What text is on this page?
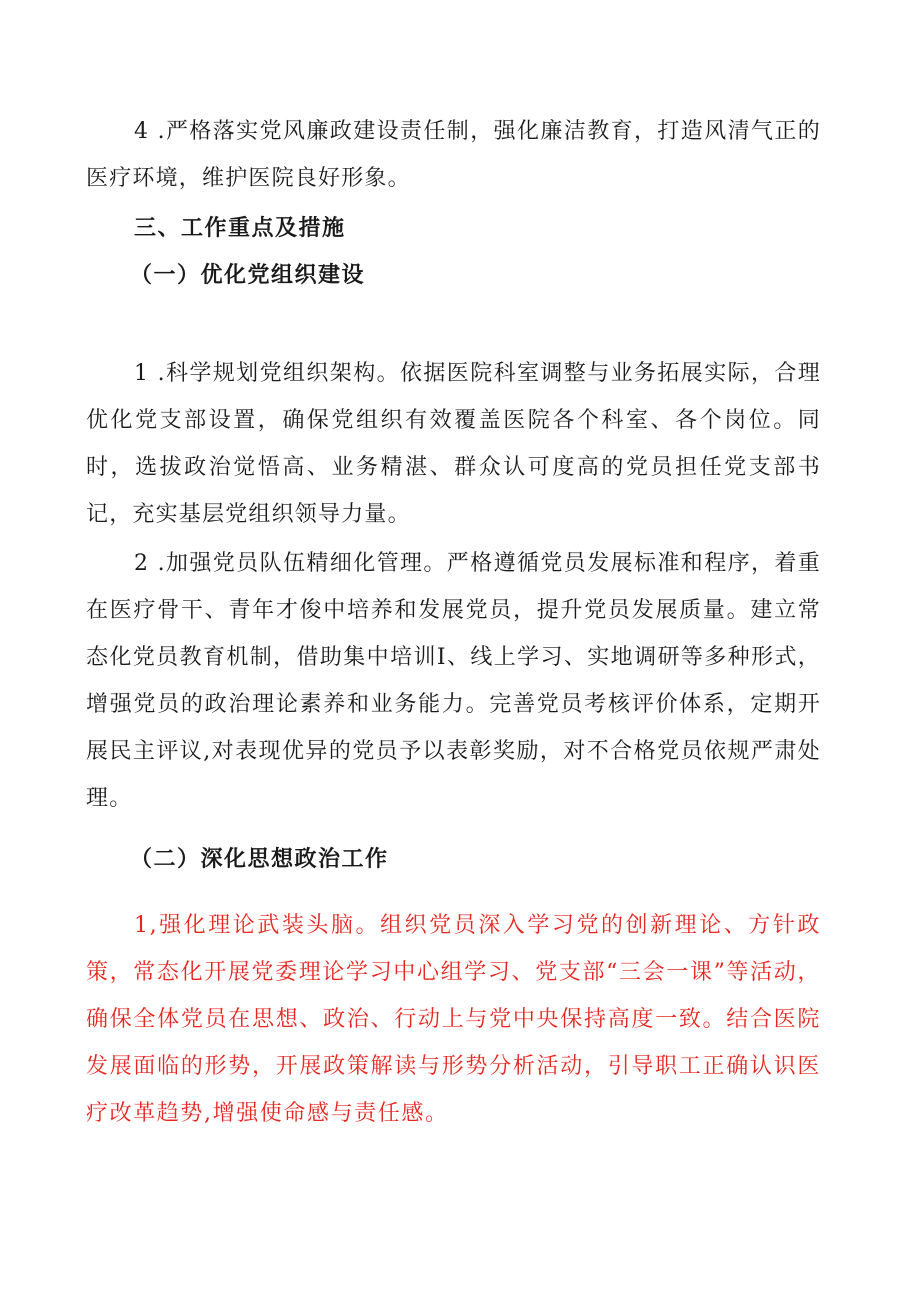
4 .严格落实党风廉政建设责任制，强化廉洁教育，打造风清气正的医疗环境，维护医院良好形象。

三、工作重点及措施
（一）优化党组织建设

1 .科学规划党组织架构。依据医院科室调整与业务拓展实际，合理优化党支部设置，确保党组织有效覆盖医院各个科室、各个岗位。同时，选拔政治觉悟高、业务精湛、群众认可度高的党员担任党支部书记，充实基层党组织领导力量。

2 .加强党员队伍精细化管理。严格遵循党员发展标准和程序，着重在医疗骨干、青年才俊中培养和发展党员，提升党员发展质量。建立常态化党员教育机制，借助集中培训I、线上学习、实地调研等多种形式，增强党员的政治理论素养和业务能力。完善党员考核评价体系，定期开展民主评议,对表现优异的党员予以表彰奖励，对不合格党员依规严肃处理。

（二）深化思想政治工作

1,强化理论武装头脑。组织党员深入学习党的创新理论、方针政策，常态化开展党委理论学习中心组学习、党支部“三会一课”等活动，确保全体党员在思想、政治、行动上与党中央保持高度一致。结合医院发展面临的形势，开展政策解读与形势分析活动，引导职工正确认识医疗改革趋势,增强使命感与责任感。
